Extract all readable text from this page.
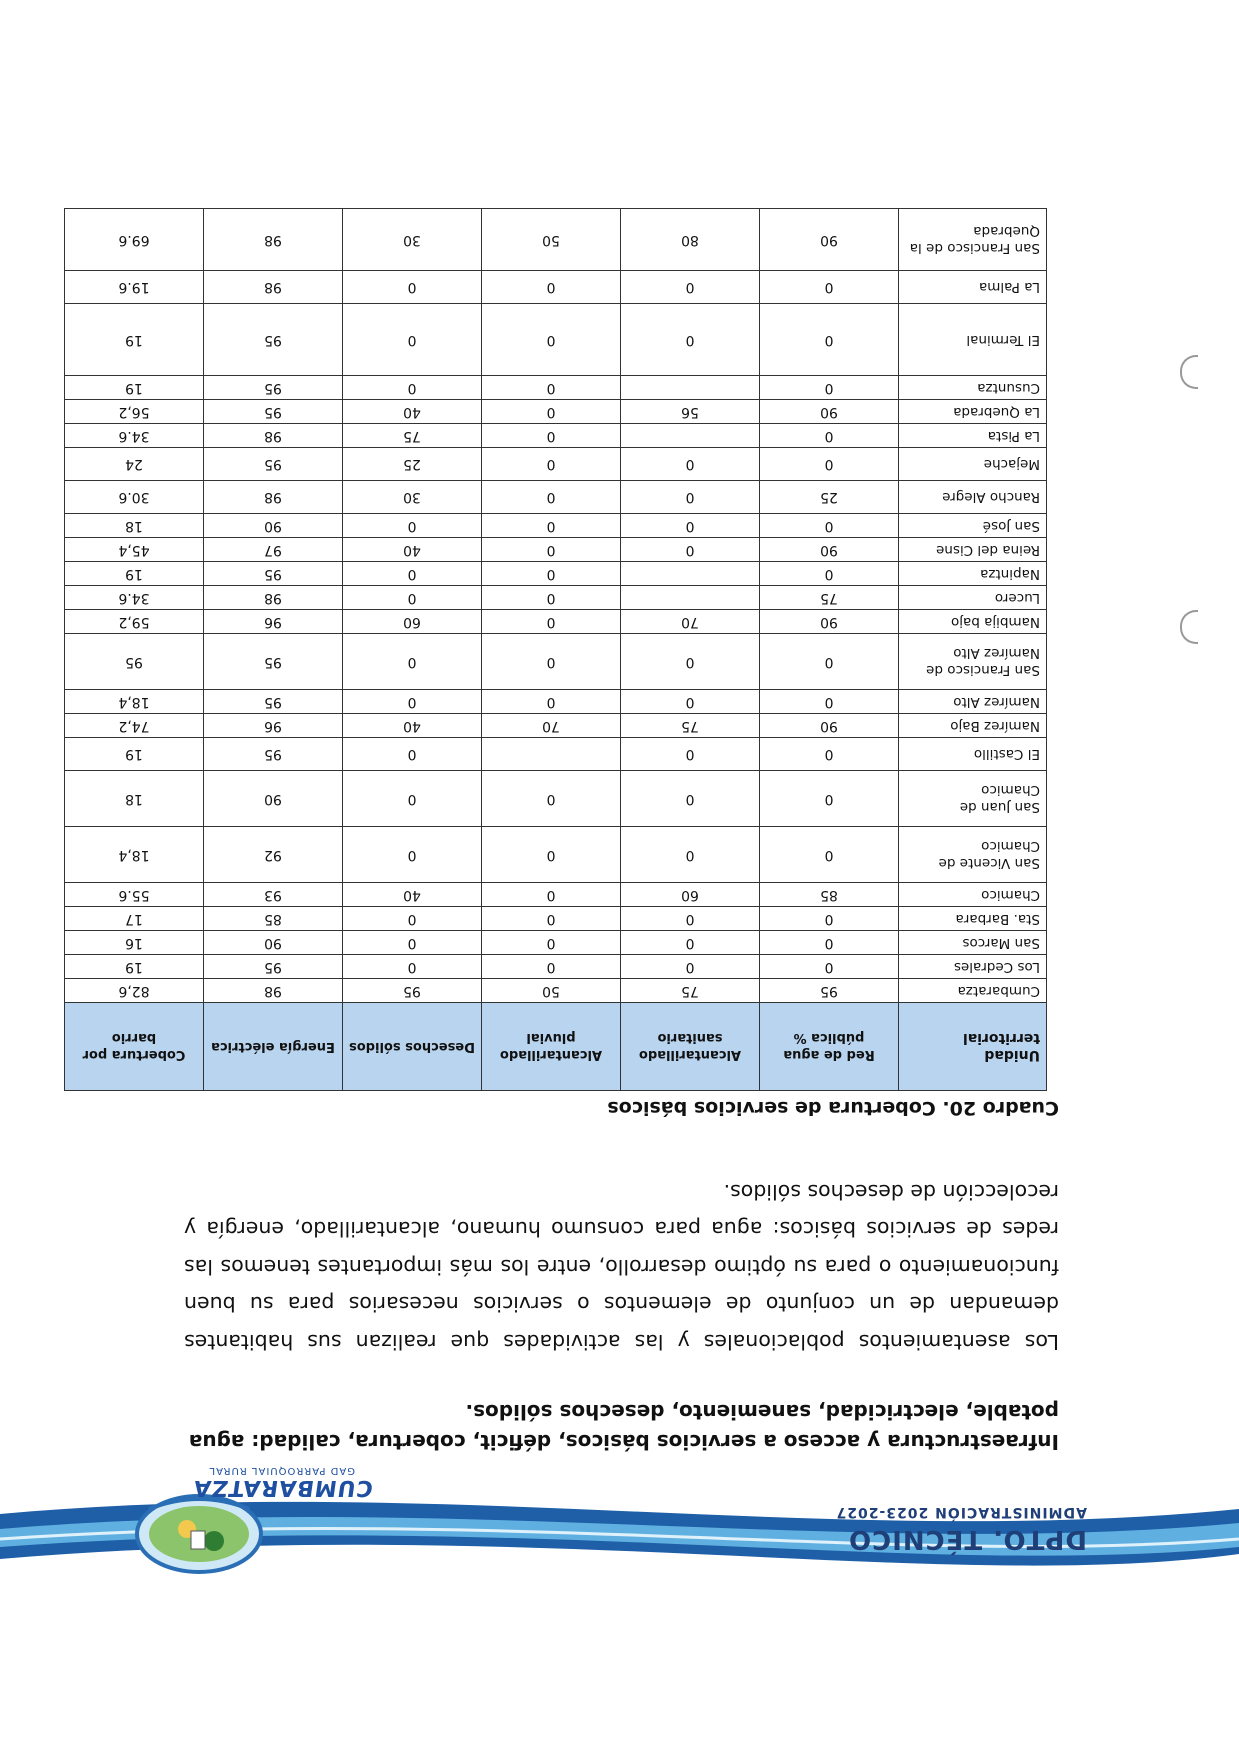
DPTO. TÉCNICO
ADMINISTRACIÓN 2023-2027
CUMBARATZA
GAD PARROQUIAL RURAL
Infraestructura y acceso a servicios básicos, déficit, cobertura, calidad: agua potable, electricidad, sanemiento, desechos sólidos.
Los asentamientos poblacionales y las actividades que realizan sus habitantes demandan de un conjunto de elementos o servicios necesarios para su buen funcionamiento o para su óptimo desarrollo, entre los más importantes tenemos las redes de servicios básicos: agua para consumo humano, alcantarillado, energía y recolección de desechos sólidos.
Cuadro 20. Cobertura de servicios básicos
Unidad territorial	Red de agua pública %	Alcantarillado sanitario	Alcantarillado pluvial	Desechos sólidos	Energía eléctrica	Cobertura por barrio
Cumbaratza	95	75	50	95	98	82,6
Los Cedrales	0	0	0	0	95	19
San Marcos	0	0	0	0	90	16
Sta. Barbara	0	0	0	0	85	17
Chamico	85	60	0	40	93	55.6
San Vicente de Chamico	0	0	0	0	92	18,4
San Juan de Chamico	0	0	0	0	90	18
El Castillo	0	0		0	95	19
Namírez Bajo	90	75	70	40	96	74,2
Namírez Alto	0	0	0	0	95	18,4
San Francisco de Namírez Alto	0	0	0	0	95	95
Nambija bajo	90	70	0	60	96	59,2
Lucero	75		0	0	98	34.6
Napintza	0		0	0	95	19
Reina del Cisne	90	0	0	40	97	45,4
San José	0	0	0	0	90	18
Rancho Alegre	25	0	0	30	98	30.6
Mejache	0	0	0	25	95	24
La Pista	0		0	75	98	34.6
La Quebrada	90	56	0	40	95	56,2
Cusuntza	0		0	0	95	19
El Terminal	0	0	0	0	95	19
La Palma	0	0	0	0	98	19.6
San Francisco de la Quebrada	90	80	50	30	98	69.6
